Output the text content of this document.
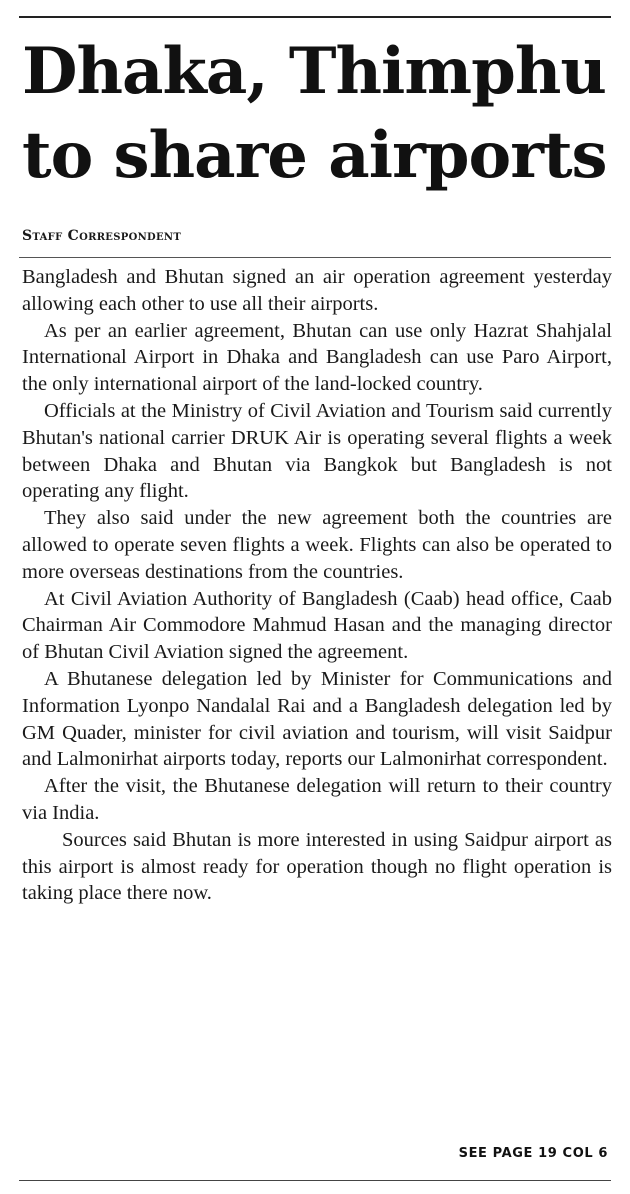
Dhaka, Thimphu
to share airports
Staff Correspondent

Bangladesh and Bhutan signed an air operation agreement yesterday allowing each other to use all their airports.

As per an earlier agreement, Bhutan can use only Hazrat Shahjalal International Airport in Dhaka and Bangladesh can use Paro Airport, the only international airport of the land-locked country.

Officials at the Ministry of Civil Aviation and Tourism said currently Bhutan's national carrier DRUK Air is operating several flights a week between Dhaka and Bhutan via Bangkok but Bangladesh is not operating any flight.

They also said under the new agreement both the countries are allowed to operate seven flights a week. Flights can also be operated to more overseas destinations from the countries.

At Civil Aviation Authority of Bangladesh (Caab) head office, Caab Chairman Air Commodore Mahmud Hasan and the managing director of Bhutan Civil Aviation signed the agreement.

A Bhutanese delegation led by Minister for Communications and Information Lyonpo Nandalal Rai and a Bangladesh delegation led by GM Quader, minister for civil aviation and tourism, will visit Saidpur and Lalmonirhat airports today, reports our Lalmonirhat correspondent.

After the visit, the Bhutanese delegation will return to their country via India.

Sources said Bhutan is more interested in using Saidpur airport as this airport is almost ready for operation though no flight operation is taking place there now.

SEE PAGE 19 COL 6
